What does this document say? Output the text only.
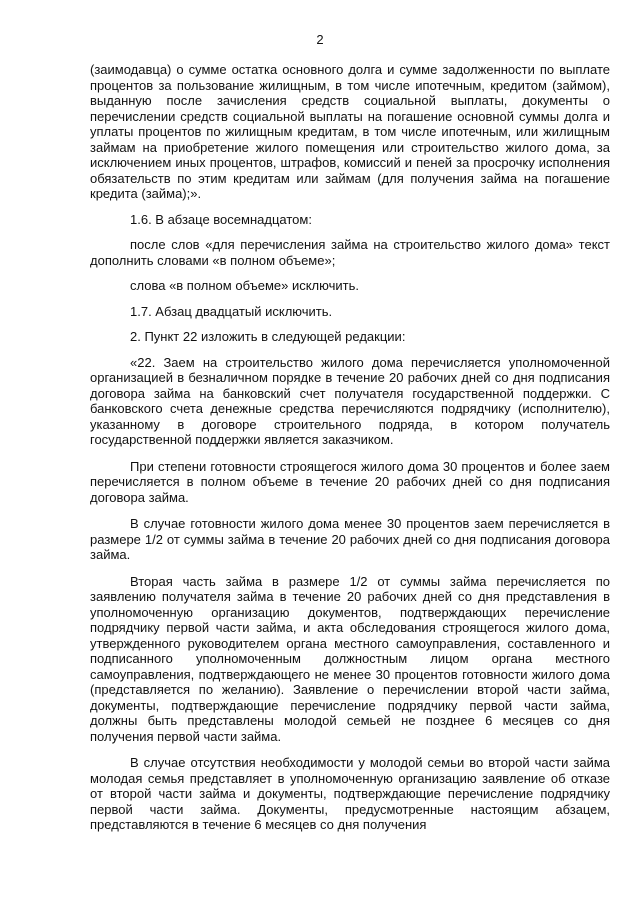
2

(заимодавца) о сумме остатка основного долга и сумме задолженности по выплате процентов за пользование жилищным, в том числе ипотечным, кредитом (займом), выданную после зачисления средств социальной выплаты, документы о перечислении средств социальной выплаты на погашение основной суммы долга и уплаты процентов по жилищным кредитам, в том числе ипотечным, или жилищным займам на приобретение жилого помещения или строительство жилого дома, за исключением иных процентов, штрафов, комиссий и пеней за просрочку исполнения обязательств по этим кредитам или займам (для получения займа на погашение кредита (займа);».

1.6. В абзаце восемнадцатом:

после слов «для перечисления займа на строительство жилого дома» текст дополнить словами «в полном объеме»;

слова «в полном объеме» исключить.

1.7. Абзац двадцатый исключить.

2. Пункт 22 изложить в следующей редакции:

«22. Заем на строительство жилого дома перечисляется уполномоченной организацией в безналичном порядке в течение 20 рабочих дней со дня подписания договора займа на банковский счет получателя государственной поддержки. С банковского счета денежные средства перечисляются подрядчику (исполнителю), указанному в договоре строительного подряда, в котором получатель государственной поддержки является заказчиком.

При степени готовности строящегося жилого дома 30 процентов и более заем перечисляется в полном объеме в течение 20 рабочих дней со дня подписания договора займа.

В случае готовности жилого дома менее 30 процентов заем перечисляется в размере 1/2 от суммы займа в течение 20 рабочих дней со дня подписания договора займа.

Вторая часть займа в размере 1/2 от суммы займа перечисляется по заявлению получателя займа в течение 20 рабочих дней со дня представления в уполномоченную организацию документов, подтверждающих перечисление подрядчику первой части займа, и акта обследования строящегося жилого дома, утвержденного руководителем органа местного самоуправления, составленного и подписанного уполномоченным должностным лицом органа местного самоуправления, подтверждающего не менее 30 процентов готовности жилого дома (представляется по желанию). Заявление о перечислении второй части займа, документы, подтверждающие перечисление подрядчику первой части займа, должны быть представлены молодой семьей не позднее 6 месяцев со дня получения первой части займа.

В случае отсутствия необходимости у молодой семьи во второй части займа молодая семья представляет в уполномоченную организацию заявление об отказе от второй части займа и документы, подтверждающие перечисление подрядчику первой части займа. Документы, предусмотренные настоящим абзацем, представляются в течение 6 месяцев со дня получения
